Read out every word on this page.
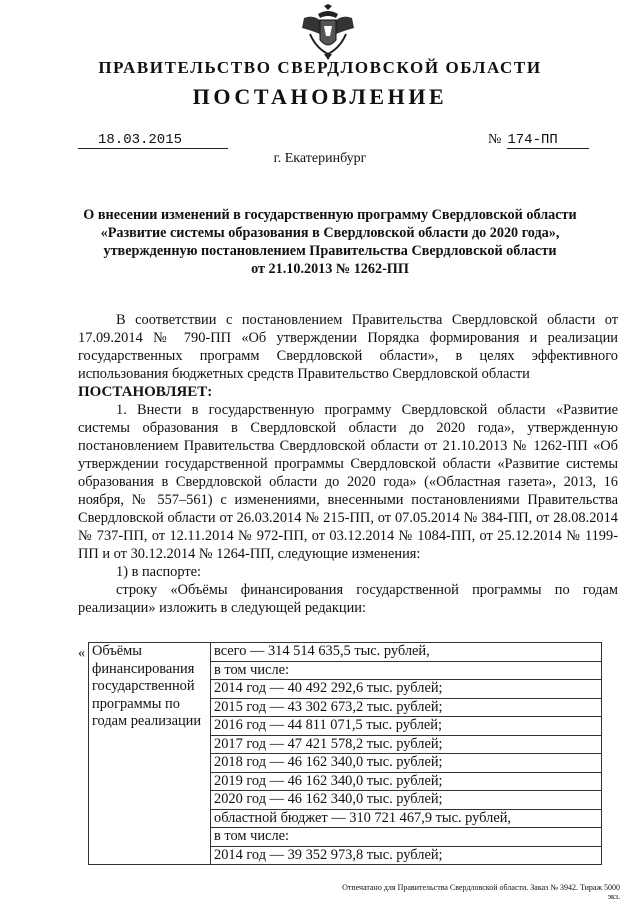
ПРАВИТЕЛЬСТВО СВЕРДЛОВСКОЙ ОБЛАСТИ
ПОСТАНОВЛЕНИЕ
18.03.2015	№ 174-ПП
г. Екатеринбург
О внесении изменений в государственную программу Свердловской области
«Развитие системы образования в Свердловской области до 2020 года»,
утвержденную постановлением Правительства Свердловской области
от 21.10.2013 № 1262-ПП

В соответствии с постановлением Правительства Свердловской области от 17.09.2014 № 790-ПП «Об утверждении Порядка формирования и реализации государственных программ Свердловской области», в целях эффективного использования бюджетных средств Правительство Свердловской области

ПОСТАНОВЛЯЕТ:

1. Внести в государственную программу Свердловской области «Развитие системы образования в Свердловской области до 2020 года», утвержденную постановлением Правительства Свердловской области от 21.10.2013 № 1262-ПП «Об утверждении государственной программы Свердловской области «Развитие системы образования в Свердловской области до 2020 года» («Областная газета», 2013, 16 ноября, № 557–561) с изменениями, внесенными постановлениями Правительства Свердловской области от 26.03.2014 № 215-ПП, от 07.05.2014 № 384-ПП, от 28.08.2014 № 737-ПП, от 12.11.2014 № 972-ПП, от 03.12.2014 № 1084-ПП, от 25.12.2014 № 1199-ПП и от 30.12.2014 № 1264-ПП, следующие изменения:

1) в паспорте:

строку «Объёмы финансирования государственной программы по годам реализации» изложить в следующей редакции:

« Объёмы финансирования государственной программы по годам реализации	всего — 314 514 635,5 тыс. рублей,
в том числе:
2014 год — 40 492 292,6 тыс. рублей;
2015 год — 43 302 673,2 тыс. рублей;
2016 год — 44 811 071,5 тыс. рублей;
2017 год — 47 421 578,2 тыс. рублей;
2018 год — 46 162 340,0 тыс. рублей;
2019 год — 46 162 340,0 тыс. рублей;
2020 год — 46 162 340,0 тыс. рублей;
областной бюджет — 310 721 467,9 тыс. рублей,
в том числе:
2014 год — 39 352 973,8 тыс. рублей;
Отпечатано для Правительства Свердловской области. Заказ № 3942. Тираж 5000 экз.
